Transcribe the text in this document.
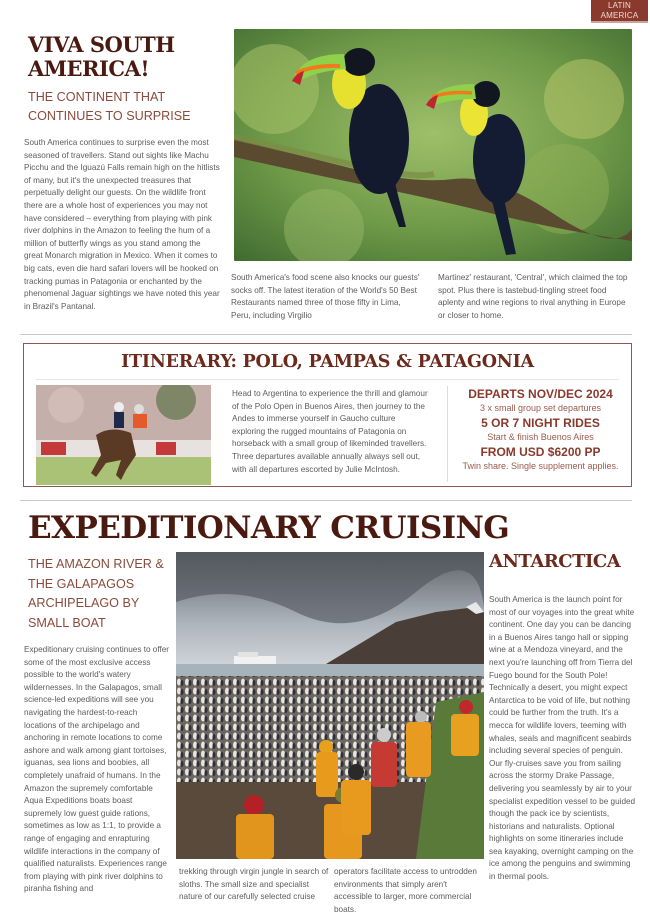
LATIN
AMERICA
VIVA SOUTH
AMERICA!
THE CONTINENT THAT
CONTINUES TO SURPRISE

South America continues to surprise even the most seasoned of travellers. Stand out sights like Machu Picchu and the Iguazú Falls remain high on the hitlists of many, but it's the unexpected treasures that perpetually delight our guests. On the wildlife front there are a whole host of experiences you may not have considered – everything from playing with pink river dolphins in the Amazon to feeling the hum of a million of butterfly wings as you stand among the great Monarch migration in Mexico. When it comes to big cats, even die hard safari lovers will be hooked on tracking pumas in Patagonia or enchanted by the phenomenal Jaguar sightings we have noted this year in Brazil's Pantanal.

South America's food scene also knocks our guests' socks off. The latest iteration of the World's 50 Best Restaurants named three of those fifty in Lima, Peru, including Virgilio

Martinez' restaurant, 'Central', which claimed the top spot. Plus there is tastebud-tingling street food aplenty and wine regions to rival anything in Europe or closer to home.

ITINERARY: POLO, PAMPAS & PATAGONIA

Head to Argentina to experience the thrill and glamour of the Polo Open in Buenos Aires, then journey to the Andes to immerse yourself in Gaucho culture exploring the rugged mountains of Patagonia on horseback with a small group of likeminded travellers. Three departures available annually always sell out, with all departures escorted by Julie McIntosh.

DEPARTS NOV/DEC 2024
3 x small group set departures
5 OR 7 NIGHT RIDES
Start & finish Buenos Aires
FROM USD $6200 PP
Twin share. Single supplement applies.
EXPEDITIONARY CRUISING
THE AMAZON RIVER & THE GALAPAGOS ARCHIPELAGO BY SMALL BOAT

Expeditionary cruising continues to offer some of the most exclusive access possible to the world's watery wildernesses. In the Galapagos, small science-led expeditions will see you navigating the hardest-to-reach locations of the archipelago and anchoring in remote locations to come ashore and walk among giant tortoises, iguanas, sea lions and boobies, all completely unafraid of humans. In the Amazon the supremely comfortable Aqua Expeditions boats boast supremely low guest guide rations, sometimes as low as 1:1, to provide a range of engaging and enrapturing wildlife interactions in the company of qualified naturalists. Experiences range from playing with pink river dolphins to piranha fishing and

trekking through virgin jungle in search of sloths. The small size and specialist nature of our carefully selected cruise

operators facilitate access to untrodden environments that simply aren't accessible to larger, more commercial boats.

ANTARCTICA

South America is the launch point for most of our voyages into the great white continent. One day you can be dancing in a Buenos Aires tango hall or sipping wine at a Mendoza vineyard, and the next you're launching off from Tierra del Fuego bound for the South Pole! Technically a desert, you might expect Antarctica to be void of life, but nothing could be further from the truth. It's a mecca for wildlife lovers, teeming with whales, seals and magnificent seabirds including several species of penguin. Our fly-cruises save you from sailing across the stormy Drake Passage, delivering you seamlessly by air to your specialist expedition vessel to be guided though the pack ice by scientists, historians and naturalists. Optional highlights on some itineraries include sea kayaking, overnight camping on the ice among the penguins and swimming in thermal pools.
